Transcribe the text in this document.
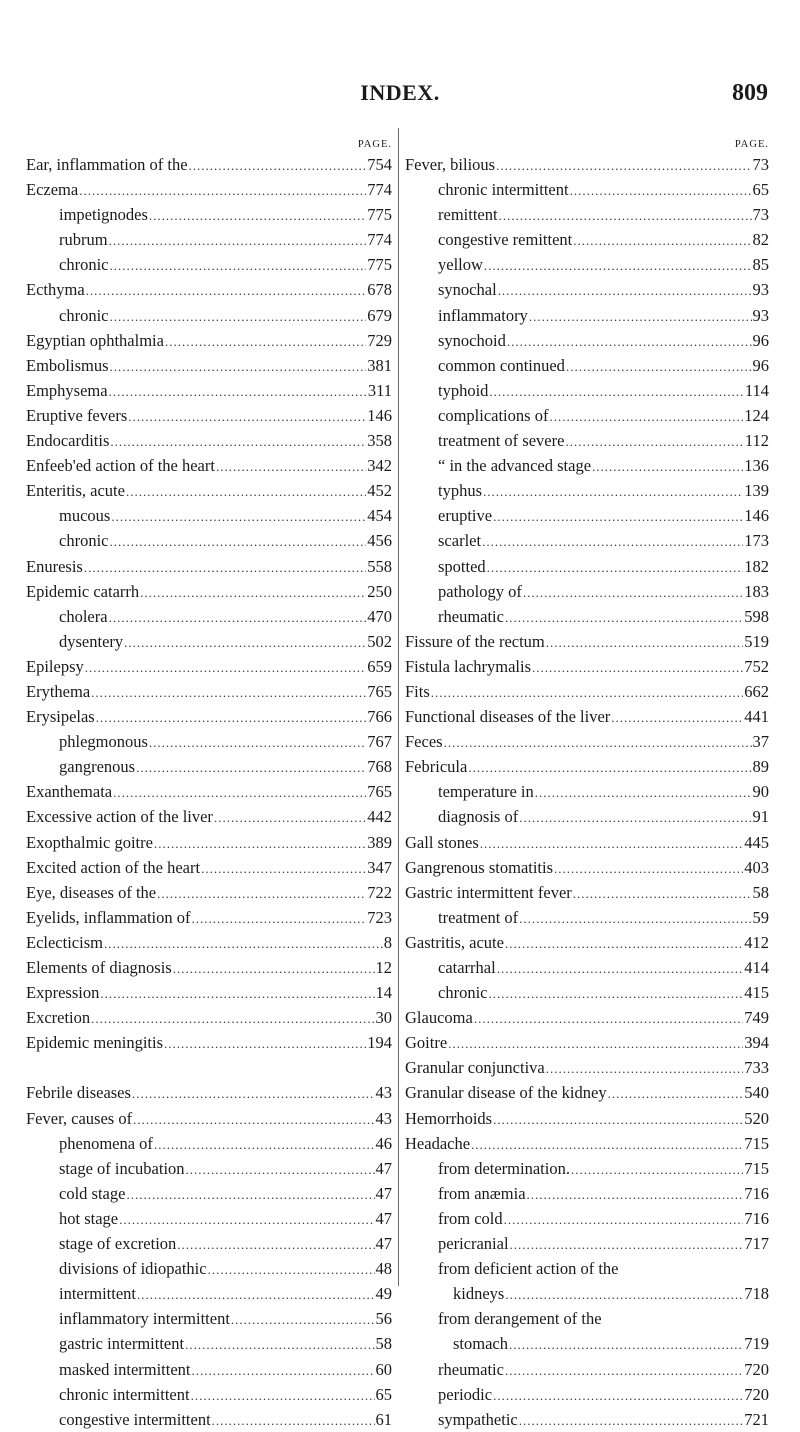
INDEX.	809
PAGE.
Ear, inflammation of the .....	754
Eczema .....	774
impetignodes .....	775
rubrum .....	774
chronic .....	775
Ecthyma .....	678
chronic .....	679
Egyptian ophthalmia .....	729
Embolismus .....	381
Emphysema .....	311
Eruptive fevers .....	146
Endocarditis .....	358
Enfeeb'ed action of the heart .....	342
Enteritis, acute .....	452
mucous .....	454
chronic .....	456
Enuresis .....	558
Epidemic catarrh .....	250
cholera .....	470
dysentery .....	502
Epilepsy .....	659
Erythema .....	765
Erysipelas .....	766
phlegmonous .....	767
gangrenous .....	768
Exanthemata .....	765
Excessive action of the liver .....	442
Exopthalmic goitre .....	389
Excited action of the heart .....	347
Eye, diseases of the .....	722
Eyelids, inflammation of .....	723
Eclecticism .....	8
Elements of diagnosis .....	12
Expression .....	14
Excretion .....	30
Epidemic meningitis .....	194
Febrile diseases .....	43
Fever, causes of .....	43
phenomena of .....	46
stage of incubation .....	47
cold stage .....	47
hot stage .....	47
stage of excretion .....	47
divisions of idiopathic .....	48
intermittent .....	49
inflammatory intermittent .....	56
gastric intermittent .....	58
masked intermittent .....	60
chronic intermittent .....	65
congestive intermittent .....	61
PAGE.
Fever, bilious .....	73
chronic intermittent .....	65
remittent .....	73
congestive remittent .....	82
yellow .....	85
synochal .....	93
inflammatory .....	93
synochoid .....	96
common continued .....	96
typhoid .....	114
complications of .....	124
treatment of severe .....	112
“ in the advanced stage .....	136
typhus .....	139
eruptive .....	146
scarlet .....	173
spotted .....	182
pathology of .....	183
rheumatic .....	598
Fissure of the rectum .....	519
Fistula lachrymalis .....	752
Fits .....	662
Functional diseases of the liver .....	441
Feces .....	37
Febricula .....	89
temperature in .....	90
diagnosis of .....	91
Gall stones .....	445
Gangrenous stomatitis .....	403
Gastric intermittent fever .....	58
treatment of .....	59
Gastritis, acute .....	412
catarrhal .....	414
chronic .....	415
Glaucoma .....	749
Goitre .....	394
Granular conjunctiva .....	733
Granular disease of the kidney .....	540
Hemorrhoids .....	520
Headache .....	715
from determination. .....	715
from anæmia .....	716
from cold .....	716
pericranial .....	717
from deficient action of the
kidneys .....	718
from derangement of the
stomach .....	719
rheumatic .....	720
periodic .....	720
sympathetic .....	721
